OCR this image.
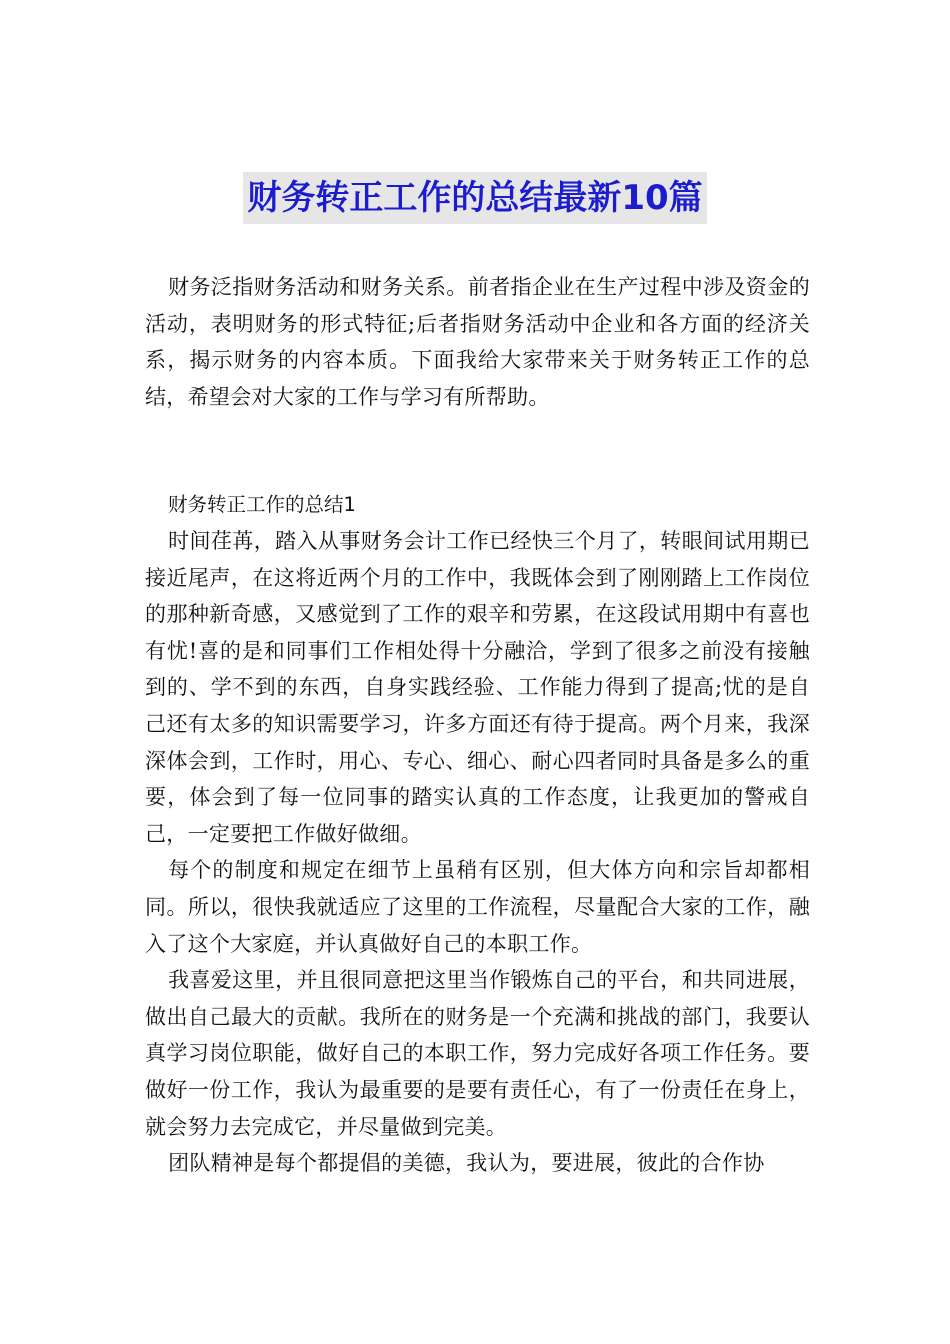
财务转正工作的总结最新10篇

财务泛指财务活动和财务关系。前者指企业在生产过程中涉及资金的活动，表明财务的形式特征;后者指财务活动中企业和各方面的经济关系，揭示财务的内容本质。下面我给大家带来关于财务转正工作的总结，希望会对大家的工作与学习有所帮助。

财务转正工作的总结1

时间荏苒，踏入从事财务会计工作已经快三个月了，转眼间试用期已接近尾声，在这将近两个月的工作中，我既体会到了刚刚踏上工作岗位的那种新奇感，又感觉到了工作的艰辛和劳累，在这段试用期中有喜也有忧!喜的是和同事们工作相处得十分融洽，学到了很多之前没有接触到的、学不到的东西，自身实践经验、工作能力得到了提高;忧的是自己还有太多的知识需要学习，许多方面还有待于提高。两个月来，我深深体会到，工作时，用心、专心、细心、耐心四者同时具备是多么的重要，体会到了每一位同事的踏实认真的工作态度，让我更加的警戒自己，一定要把工作做好做细。

每个的制度和规定在细节上虽稍有区别，但大体方向和宗旨却都相同。所以，很快我就适应了这里的工作流程，尽量配合大家的工作，融入了这个大家庭，并认真做好自己的本职工作。

我喜爱这里，并且很同意把这里当作锻炼自己的平台，和共同进展，做出自己最大的贡献。我所在的财务是一个充满和挑战的部门，我要认真学习岗位职能，做好自己的本职工作，努力完成好各项工作任务。要做好一份工作，我认为最重要的是要有责任心，有了一份责任在身上，就会努力去完成它，并尽量做到完美。

团队精神是每个都提倡的美德，我认为，要进展，彼此的合作协
